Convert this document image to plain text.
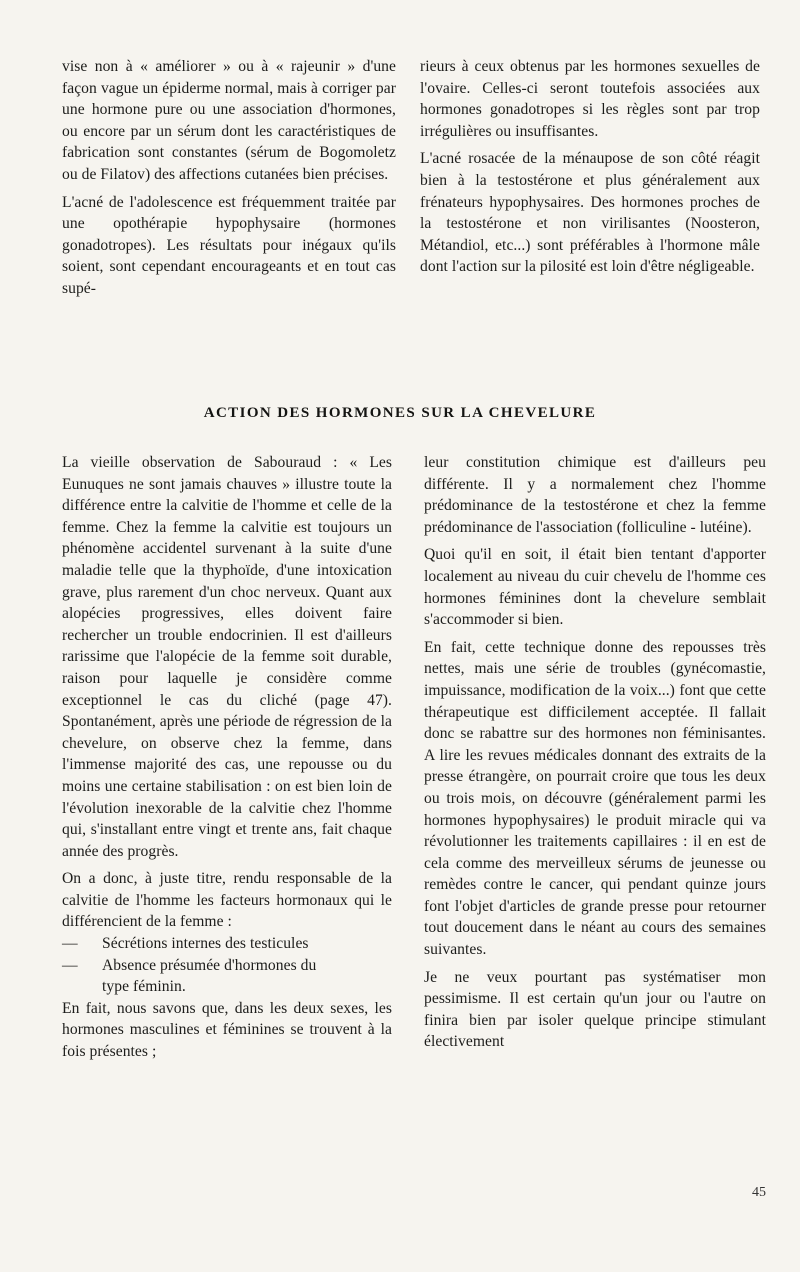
vise non à « améliorer » ou à « rajeunir » d'une façon vague un épiderme normal, mais à corriger par une hormone pure ou une association d'hormones, ou encore par un sérum dont les caractéristiques de fabrication sont constantes (sérum de Bogomoletz ou de Filatov) des affections cutanées bien précises.

L'acné de l'adolescence est fréquemment traitée par une opothérapie hypophysaire (hormones gonadotropes). Les résultats pour inégaux qu'ils soient, sont cependant encourageants et en tout cas supé-

rieurs à ceux obtenus par les hormones sexuelles de l'ovaire. Celles-ci seront toutefois associées aux hormones gonadotropes si les règles sont par trop irrégulières ou insuffisantes.

L'acné rosacée de la ménaupose de son côté réagit bien à la testostérone et plus généralement aux frénateurs hypophysaires. Des hormones proches de la testostérone et non virilisantes (Noosteron, Métandiol, etc...) sont préférables à l'hormone mâle dont l'action sur la pilosité est loin d'être négligeable.

ACTION DES HORMONES SUR LA CHEVELURE

La vieille observation de Sabouraud : « Les Eunuques ne sont jamais chauves » illustre toute la différence entre la calvitie de l'homme et celle de la femme. Chez la femme la calvitie est toujours un phénomène accidentel survenant à la suite d'une maladie telle que la thyphoïde, d'une intoxication grave, plus rarement d'un choc nerveux. Quant aux alopécies progressives, elles doivent faire rechercher un trouble endocrinien. Il est d'ailleurs rarissime que l'alopécie de la femme soit durable, raison pour laquelle je considère comme exceptionnel le cas du cliché (page 47). Spontanément, après une période de régression de la chevelure, on observe chez la femme, dans l'immense majorité des cas, une repousse ou du moins une certaine stabilisation : on est bien loin de l'évolution inexorable de la calvitie chez l'homme qui, s'installant entre vingt et trente ans, fait chaque année des progrès.

On a donc, à juste titre, rendu responsable de la calvitie de l'homme les facteurs hormonaux qui le différencient de la femme :

—	Sécrétions internes des testicules
—	Absence présumée d'hormones du
type féminin.

En fait, nous savons que, dans les deux sexes, les hormones masculines et féminines se trouvent à la fois présentes ;

leur constitution chimique est d'ailleurs peu différente. Il y a normalement chez l'homme prédominance de la testostérone et chez la femme prédominance de l'association (folliculine - lutéine).

Quoi qu'il en soit, il était bien tentant d'apporter localement au niveau du cuir chevelu de l'homme ces hormones féminines dont la chevelure semblait s'accommoder si bien.

En fait, cette technique donne des repousses très nettes, mais une série de troubles (gynécomastie, impuissance, modification de la voix...) font que cette thérapeutique est difficilement acceptée. Il fallait donc se rabattre sur des hormones non féminisantes. A lire les revues médicales donnant des extraits de la presse étrangère, on pourrait croire que tous les deux ou trois mois, on découvre (généralement parmi les hormones hypophysaires) le produit miracle qui va révolutionner les traitements capillaires : il en est de cela comme des merveilleux sérums de jeunesse ou remèdes contre le cancer, qui pendant quinze jours font l'objet d'articles de grande presse pour retourner tout doucement dans le néant au cours des semaines suivantes.

Je ne veux pourtant pas systématiser mon pessimisme. Il est certain qu'un jour ou l'autre on finira bien par isoler quelque principe stimulant électivement

45
